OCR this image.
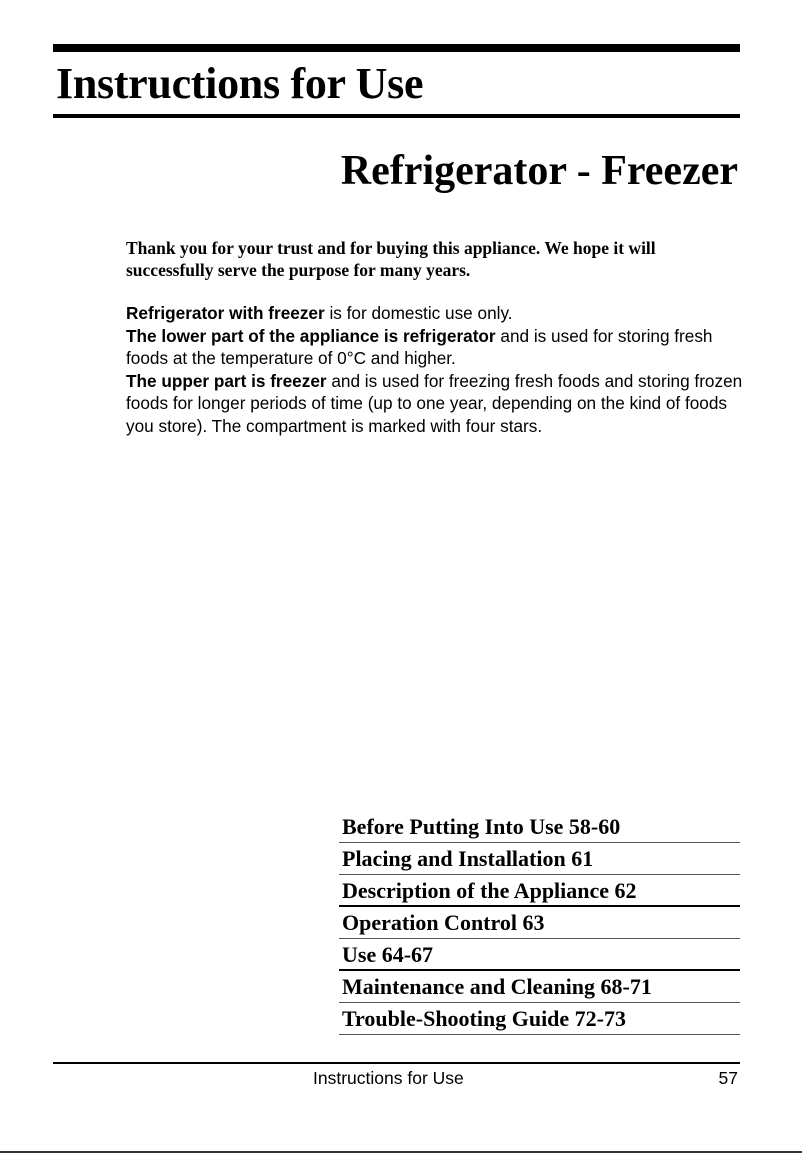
Instructions for Use
Refrigerator - Freezer
Thank you for your trust and for buying this appliance. We hope it will successfully serve the purpose for many years.

Refrigerator with freezer is for domestic use only.

The lower part of the appliance is refrigerator and is used for storing fresh foods at the temperature of 0°C and higher.

The upper part is freezer and is used for freezing fresh foods and storing frozen foods for longer periods of time (up to one year, depending on the kind of foods you store). The compartment is marked with four stars.

Before Putting Into Use 58-60
Placing and Installation 61
Description of the Appliance 62
Operation Control 63
Use 64-67
Maintenance and Cleaning 68-71
Trouble-Shooting Guide 72-73
Instructions for Use	57
